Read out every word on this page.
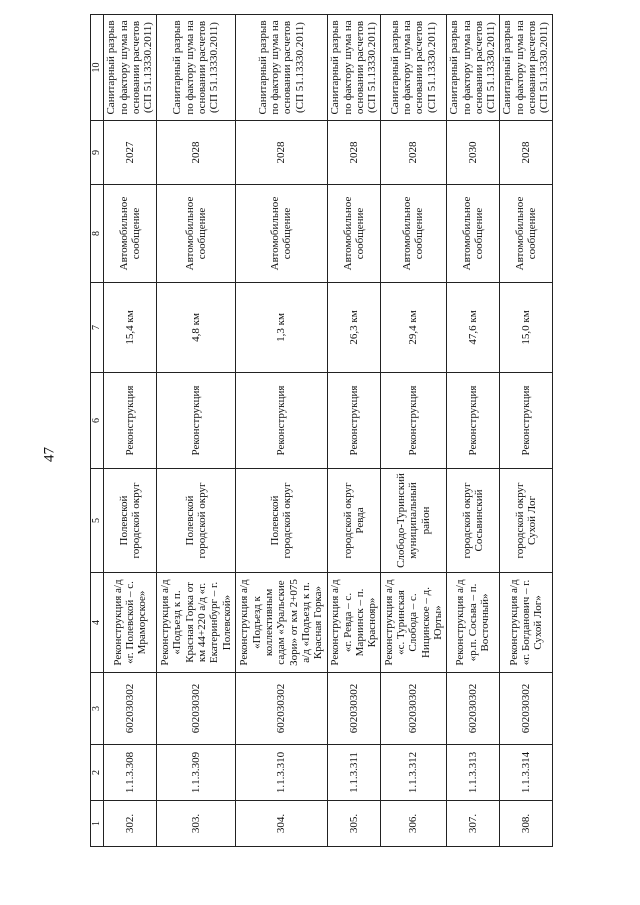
47
1	2	3	4	5	6	7	8	9	10
302.	1.1.3.308	602030302	Реконструкция а/д «г. Полевской – с. Мраморское»	Полевской городской округ	Реконструкция	15,4 км	Автомобильное сообщение	2027	Санитарный разрыв по фактору шума на основании расчетов (СП 51.13330.2011)
303.	1.1.3.309	602030302	Реконструкция а/д «Подъезд к п. Красная Горка от км 44+220 а/д «г. Екатеринбург – г. Полевской»	Полевской городской округ	Реконструкция	4,8 км	Автомобильное сообщение	2028	Санитарный разрыв по фактору шума на основании расчетов (СП 51.13330.2011)
304.	1.1.3.310	602030302	Реконструкция а/д «Подъезд к коллективным садам «Уральские Зори» от км 2+075 а/д «Подъезд к п. Красная Горка»	Полевской городской округ	Реконструкция	1,3 км	Автомобильное сообщение	2028	Санитарный разрыв по фактору шума на основании расчетов (СП 51.13330.2011)
305.	1.1.3.311	602030302	Реконструкция а/д «г. Ревда – с. Мариинск – п. Краснояр»	городской округ Ревда	Реконструкция	26,3 км	Автомобильное сообщение	2028	Санитарный разрыв по фактору шума на основании расчетов (СП 51.13330.2011)
306.	1.1.3.312	602030302	Реконструкция а/д «с. Туринская Слобода – с. Ницинское – д. Юрты»	Слободо-Туринский муниципальный район	Реконструкция	29,4 км	Автомобильное сообщение	2028	Санитарный разрыв по фактору шума на основании расчетов (СП 51.13330.2011)
307.	1.1.3.313	602030302	Реконструкция а/д «р.п. Сосьва – п. Восточный»	городской округ Сосьвинский	Реконструкция	47,6 км	Автомобильное сообщение	2030	Санитарный разрыв по фактору шума на основании расчетов (СП 51.13330.2011)
308.	1.1.3.314	602030302	Реконструкция а/д «г. Богданович – г. Сухой Лог»	городской округ Сухой Лог	Реконструкция	15,0 км	Автомобильное сообщение	2028	Санитарный разрыв по фактору шума на основании расчетов (СП 51.13330.2011)
